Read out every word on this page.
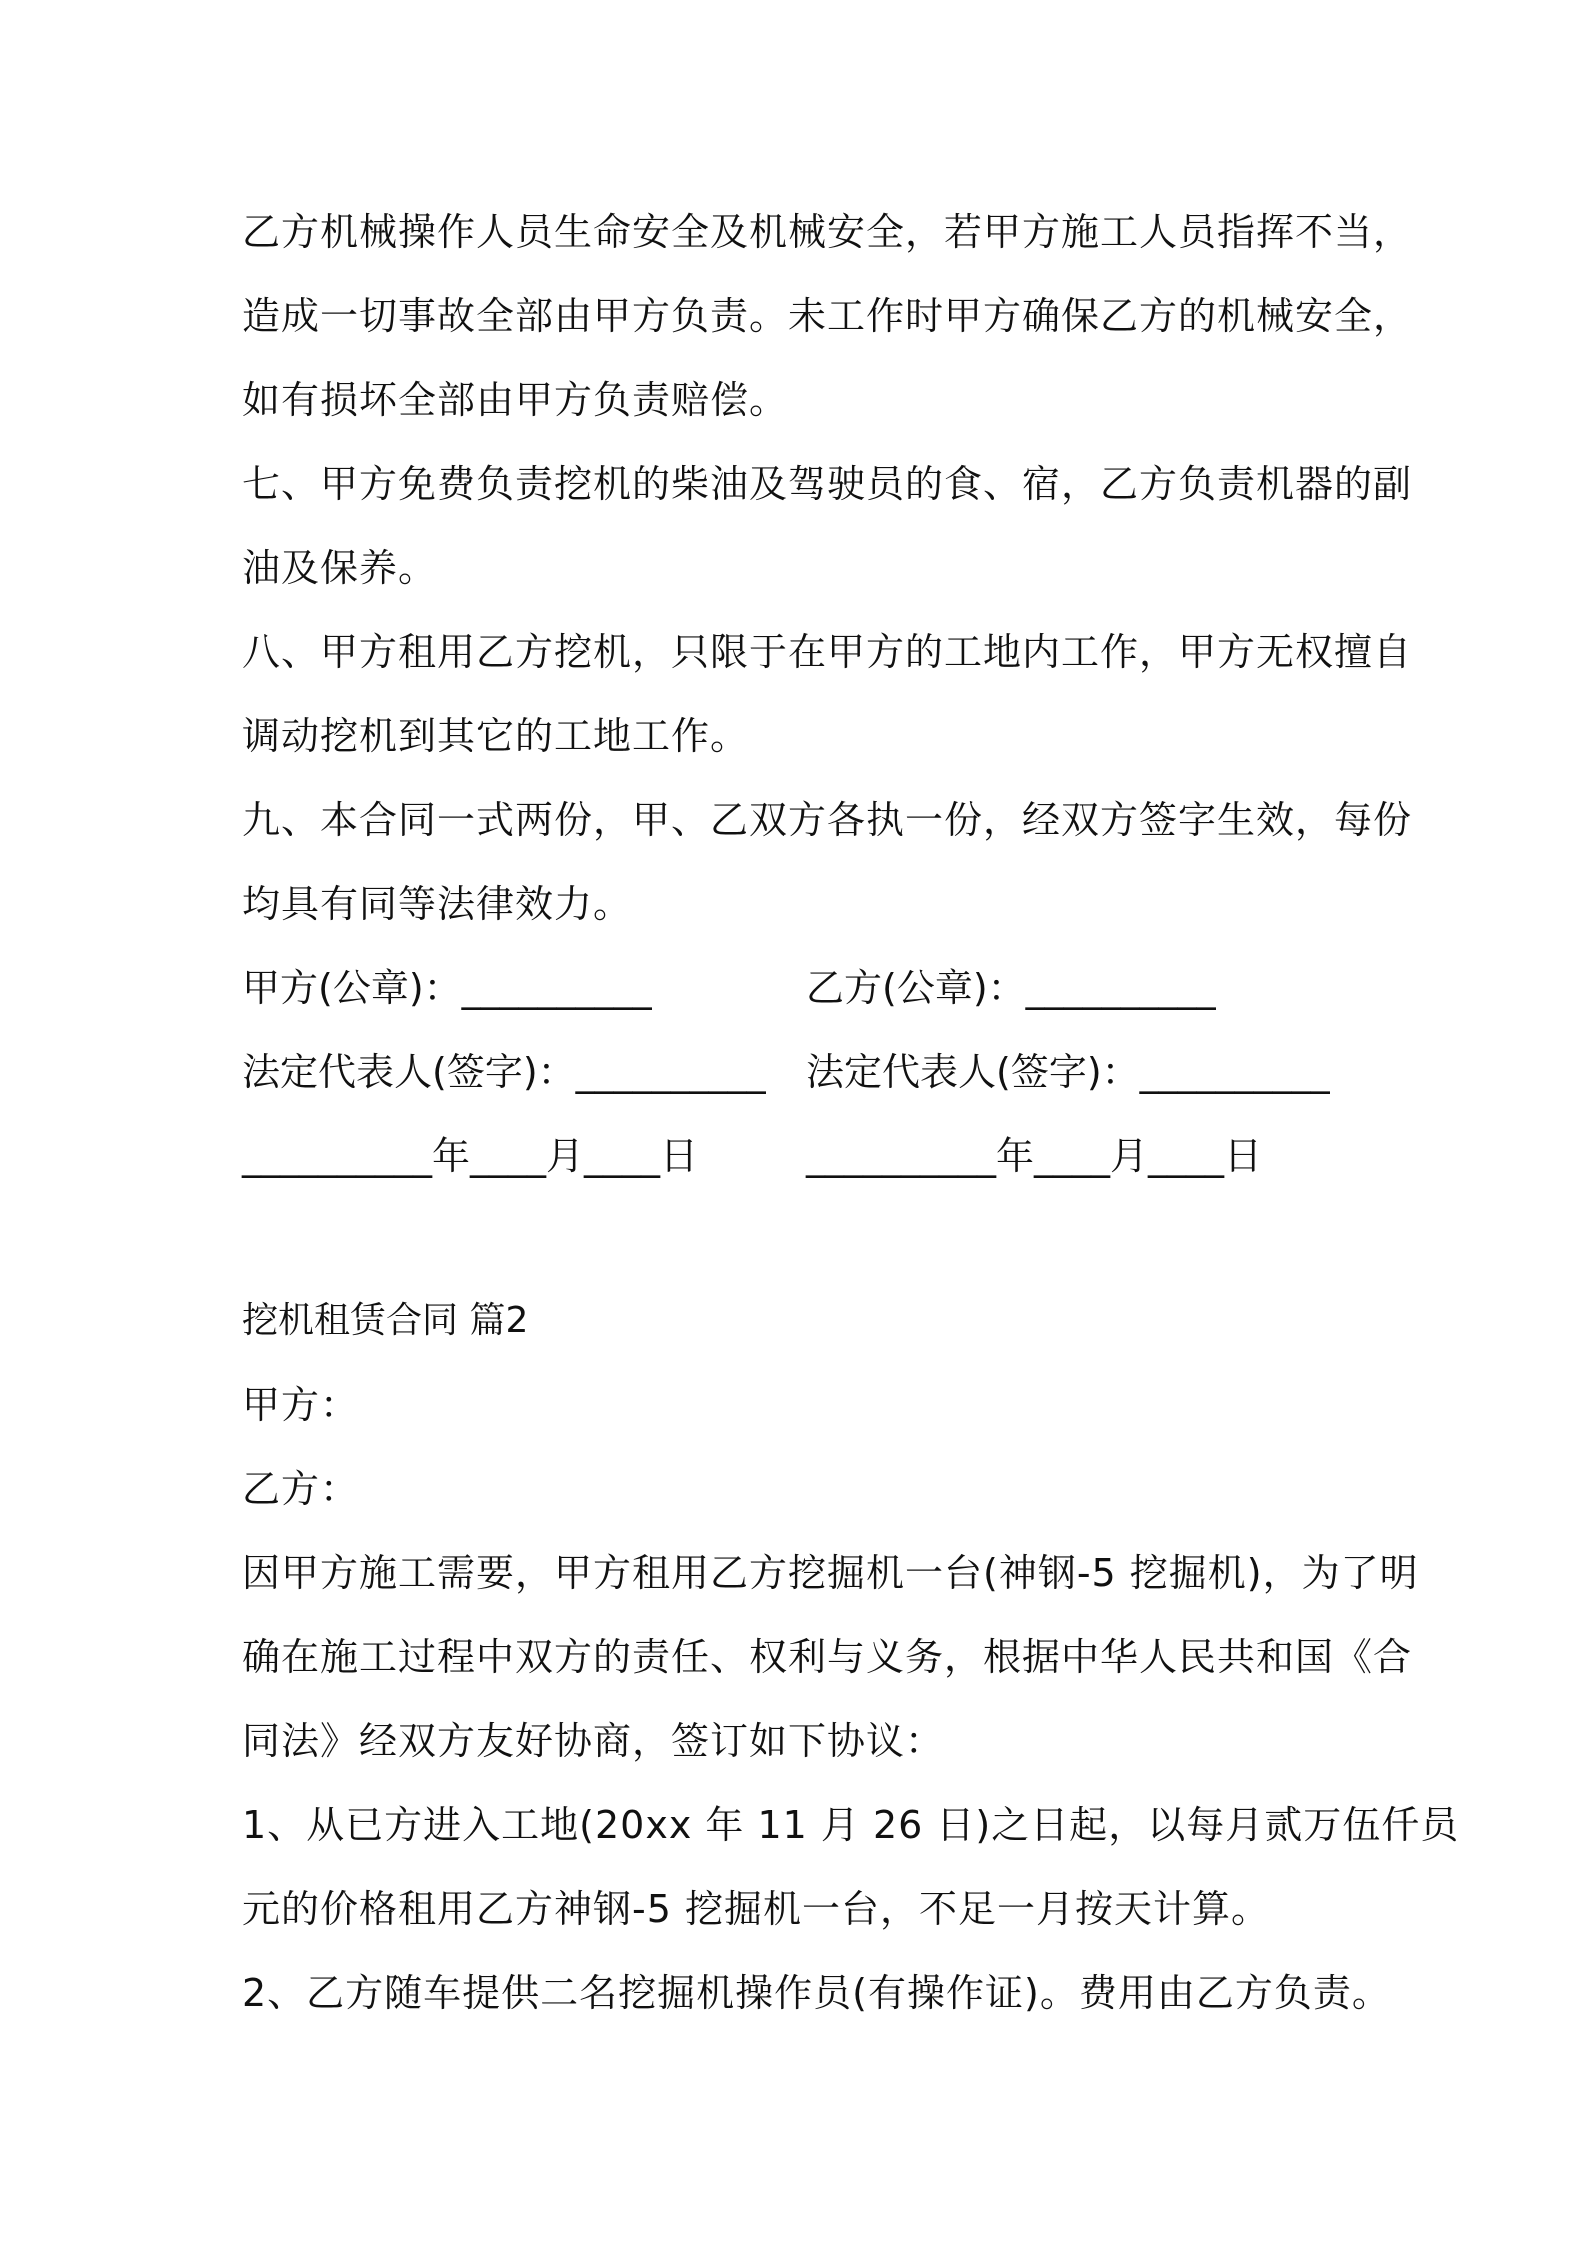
乙方机械操作人员生命安全及机械安全，若甲方施工人员指挥不当，
造成一切事故全部由甲方负责。未工作时甲方确保乙方的机械安全，
如有损坏全部由甲方负责赔偿。
七、甲方免费负责挖机的柴油及驾驶员的食、宿，乙方负责机器的副
油及保养。
八、甲方租用乙方挖机，只限于在甲方的工地内工作，甲方无权擅自
调动挖机到其它的工地工作。
九、本合同一式两份，甲、乙双方各执一份，经双方签字生效，每份
均具有同等法律效力。
甲方(公章)：__________	乙方(公章)：__________
法定代表人(签字)：__________ 法定代表人(签字)：__________
__________年____月____日	__________年____月____日
挖机租赁合同 篇2
甲方：
乙方：
因甲方施工需要，甲方租用乙方挖掘机一台(神钢-5 挖掘机)，为了明
确在施工过程中双方的责任、权利与义务，根据中华人民共和国《合
同法》经双方友好协商，签订如下协议：
1、从已方进入工地(20xx 年 11 月 26 日)之日起，以每月贰万伍仟员
元的价格租用乙方神钢-5 挖掘机一台，不足一月按天计算。
2、乙方随车提供二名挖掘机操作员(有操作证)。费用由乙方负责。
